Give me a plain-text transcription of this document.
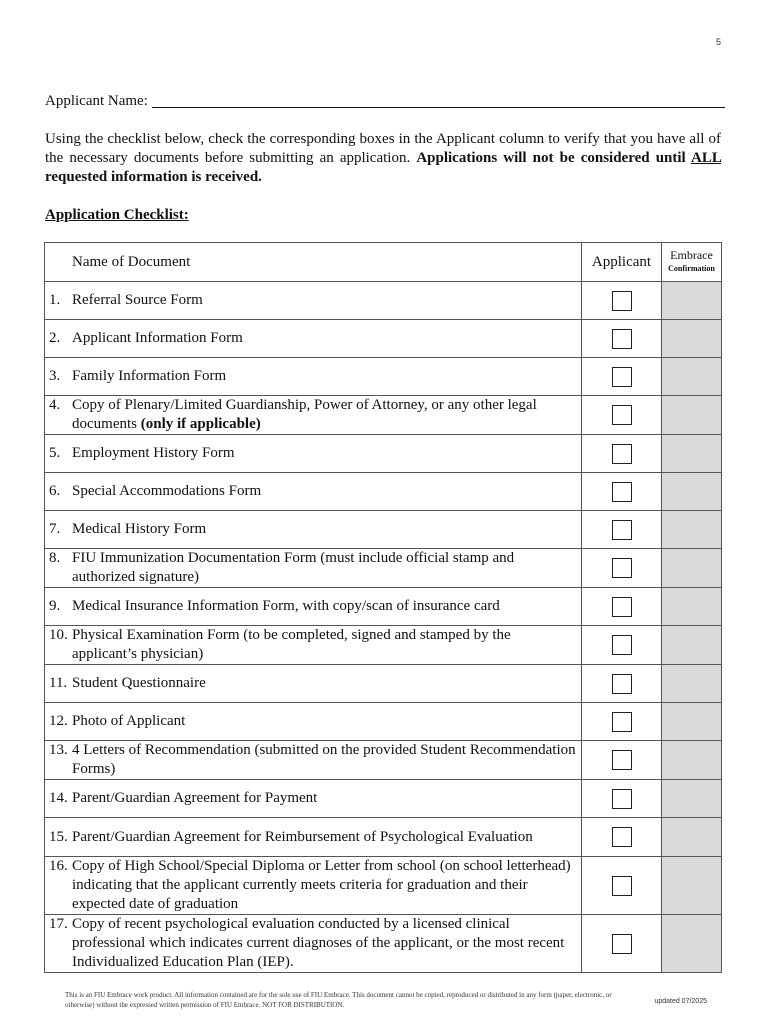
5
Applicant Name:

Using the checklist below, check the corresponding boxes in the Applicant column to verify that you have all of the necessary documents before submitting an application. Applications will not be considered until ALL requested information is received.

Application Checklist:
Name of Document	Applicant	Embrace
Confirmation

1. Referral Source Form		

2. Applicant Information Form		

3. Family Information Form		

4. Copy of Plenary/Limited Guardianship, Power of Attorney, or any other legal documents (only if applicable)		

5. Employment History Form		

6. Special Accommodations Form		

7. Medical History Form		

8. FIU Immunization Documentation Form (must include official stamp and authorized signature)		

9. Medical Insurance Information Form, with copy/scan of insurance card		

10. Physical Examination Form (to be completed, signed and stamped by the applicant’s physician)		

11. Student Questionnaire		

12. Photo of Applicant		

13. 4 Letters of Recommendation (submitted on the provided Student Recommendation Forms)		

14. Parent/Guardian Agreement for Payment		

15. Parent/Guardian Agreement for Reimbursement of Psychological Evaluation		

16. Copy of High School/Special Diploma or Letter from school (on school letterhead) indicating that the applicant currently meets criteria for graduation and their expected date of graduation		

17. Copy of recent psychological evaluation conducted by a licensed clinical professional which indicates current diagnoses of the applicant, or the most recent Individualized Education Plan (IEP).		

This is an FIU Embrace work product. All information contained are for the sole use of FIU Embrace. This document cannot be copied, reproduced or distributed in any form (paper, electronic, or otherwise) without the expressed written permission of FIU Embrace. NOT FOR DISTRIBUTION.	updated 07/2025
